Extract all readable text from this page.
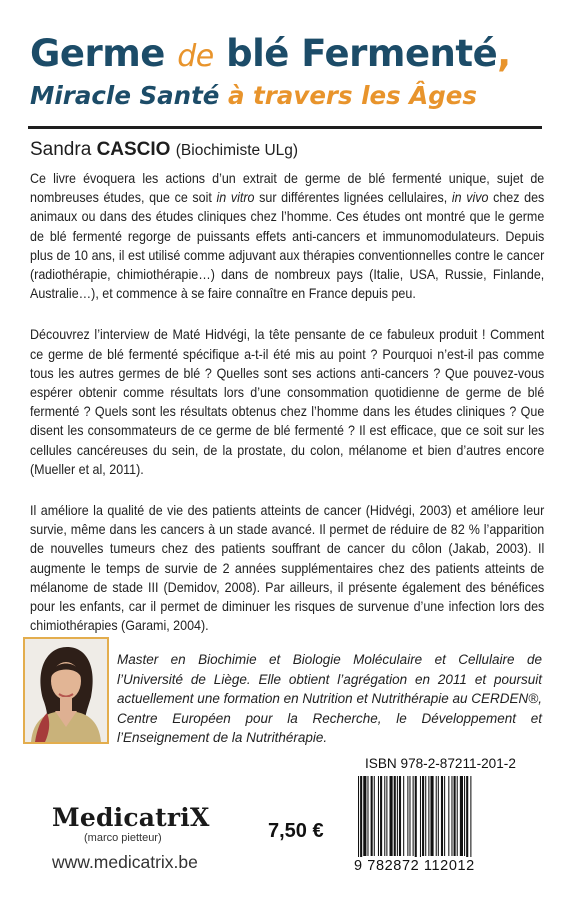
Germe de blé Fermenté,
Miracle Santé à travers les Âges
Sandra CASCIO (Biochimiste ULg)

Ce livre évoquera les actions d’un extrait de germe de blé fermenté unique, sujet de nombreuses études, que ce soit in vitro sur différentes lignées cellulaires, in vivo chez des animaux ou dans des études cliniques chez l’homme. Ces études ont montré que le germe de blé fermenté regorge de puissants effets anti-cancers et immunomodulateurs. Depuis plus de 10 ans, il est utilisé comme adjuvant aux thérapies conventionnelles contre le cancer (radiothérapie, chimiothérapie…) dans de nombreux pays (Italie, USA, Russie, Finlande, Australie…), et commence à se faire connaître en France depuis peu.

Découvrez l’interview de Maté Hidvégi, la tête pensante de ce fabuleux produit ! Comment ce germe de blé fermenté spécifique a-t-il été mis au point ? Pourquoi n’est-il pas comme tous les autres germes de blé ? Quelles sont ses actions anti-cancers ? Que pouvez-vous espérer obtenir comme résultats lors d’une consommation quotidienne de germe de blé fermenté ? Quels sont les résultats obtenus chez l’homme dans les études cliniques ? Que disent les consommateurs de ce germe de blé fermenté ? Il est efficace, que ce soit sur les cellules cancéreuses du sein, de la prostate, du colon, mélanome et bien d’autres encore (Mueller et al, 2011).

Il améliore la qualité de vie des patients atteints de cancer (Hidvégi, 2003) et améliore leur survie, même dans les cancers à un stade avancé. Il permet de réduire de 82 % l’apparition de nouvelles tumeurs chez des patients souffrant de cancer du côlon (Jakab, 2003). Il augmente le temps de survie de 2 années supplémentaires chez des patients atteints de mélanome de stade III (Demidov, 2008). Par ailleurs, il présente également des bénéfices pour les enfants, car il permet de diminuer les risques de survenue d’une infection lors des chimiothérapies (Garami, 2004).

Master en Biochimie et Biologie Moléculaire et Cellulaire de l’Université de Liège. Elle obtient l’agrégation en 2011 et poursuit actuellement une formation en Nutrition et Nutrithérapie au CERDEN®, Centre Européen pour la Recherche, le Développement et l’Enseignement de la Nutrithérapie.
ISBN 978-2-87211-201-2
9 782872 112012
7,50 €
MedicatriX
(marco pietteur)
www.medicatrix.be
